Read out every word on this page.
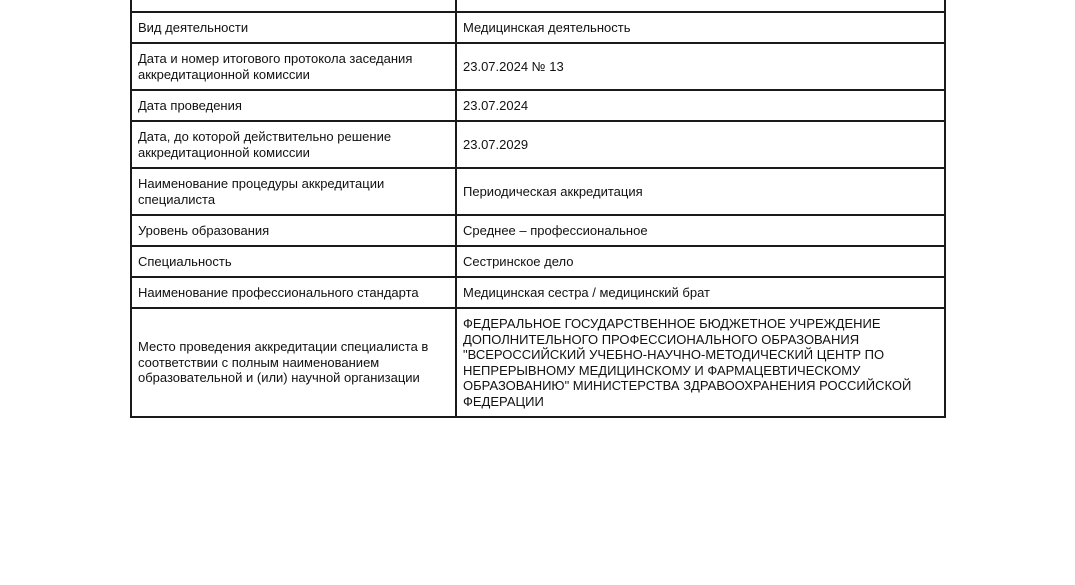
Вид деятельности	Медицинская деятельность
Дата и номер итогового протокола заседания аккредитационной комиссии	23.07.2024 № 13
Дата проведения	23.07.2024
Дата, до которой действительно решение аккредитационной комиссии	23.07.2029
Наименование процедуры аккредитации специалиста	Периодическая аккредитация
Уровень образования	Среднее – профессиональное
Специальность	Сестринское дело
Наименование профессионального стандарта	Медицинская сестра / медицинский брат
Место проведения аккредитации специалиста в соответствии с полным наименованием образовательной и (или) научной организации	ФЕДЕРАЛЬНОЕ ГОСУДАРСТВЕННОЕ БЮДЖЕТНОЕ УЧРЕЖДЕНИЕ ДОПОЛНИТЕЛЬНОГО ПРОФЕССИОНАЛЬНОГО ОБРАЗОВАНИЯ "ВСЕРОССИЙСКИЙ УЧЕБНО-НАУЧНО-МЕТОДИЧЕСКИЙ ЦЕНТР ПО НЕПРЕРЫВНОМУ МЕДИЦИНСКОМУ И ФАРМАЦЕВТИЧЕСКОМУ ОБРАЗОВАНИЮ" МИНИСТЕРСТВА ЗДРАВООХРАНЕНИЯ РОССИЙСКОЙ ФЕДЕРАЦИИ
